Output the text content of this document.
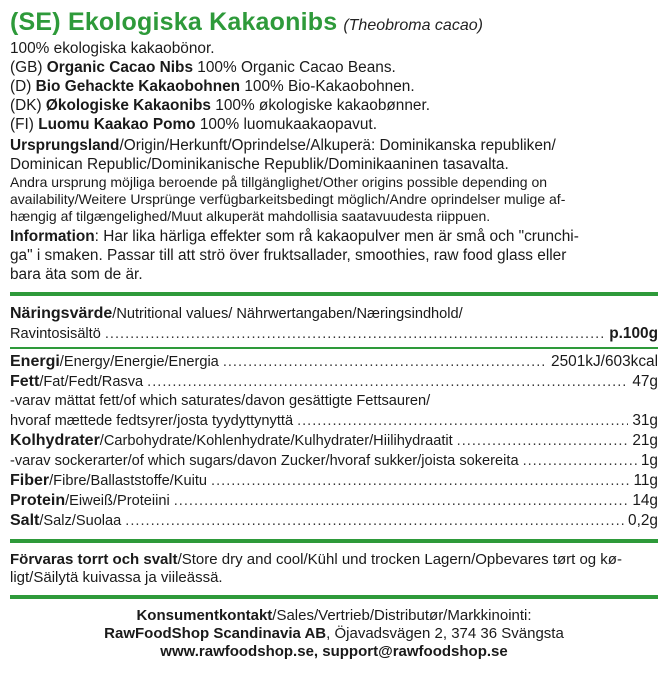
(SE) Ekologiska Kakaonibs (Theobroma cacao)
100% ekologiska kakaobönor.
(GB) Organic Cacao Nibs 100% Organic Cacao Beans.
(D) Bio Gehackte Kakaobohnen 100% Bio-Kakaobohnen.
(DK) Økologiske Kakaonibs 100% økologiske kakaobønner.
(FI) Luomu Kaakao Pomo 100% luomukaakaopavut.
Ursprungsland/Origin/Herkunft/Oprindelse/Alkuperä: Dominikanska republiken/
Dominican Republic/Dominikanische Republik/Dominikaaninen tasavalta.
Andra ursprung möjliga beroende på tillgänglighet/Other origins possible depending on
availability/Weitere Ursprünge verfügbarkeitsbedingt möglich/Andre oprindelser mulige af-
hængig af tilgængelighed/Muut alkuperät mahdollisia saatavuudesta riippuen.
Information: Har lika härliga effekter som rå kakaopulver men är små och "crunchi-
ga" i smaken. Passar till att strö över fruktsallader, smoothies, raw food glass eller
bara äta som de är.
Näringsvärde/Nutritional values/ Nährwertangaben/Næringsindhold/
Ravintosisältö .....	p.100g
Energi/Energy/Energie/Energia .....	2501kJ/603kcal
Fett/Fat/Fedt/Rasva .....	47g
-varav mättat fett/of which saturates/davon gesättigte Fettsauren/
hvoraf mættede fedtsyrer/josta tyydyttynyttä .....	31g
Kolhydrater/Carbohydrate/Kohlenhydrate/Kulhydrater/Hiilihydraatit .....	21g
-varav sockerarter/of which sugars/davon Zucker/hvoraf sukker/joista sokereita .....	1g
Fiber/Fibre/Ballaststoffe/Kuitu .....	11g
Protein/Eiweiß/Proteiini .....	14g
Salt/Salz/Suolaa .....	0,2g
Förvaras torrt och svalt/Store dry and cool/Kühl und trocken Lagern/Opbevares tørt og kø-
ligt/Säilytä kuivassa ja viileässä.
Konsumentkontakt/Sales/Vertrieb/Distributør/Markkinointi:
RawFoodShop Scandinavia AB, Öjavadsvägen 2, 374 36 Svängsta
www.rawfoodshop.se, support@rawfoodshop.se
